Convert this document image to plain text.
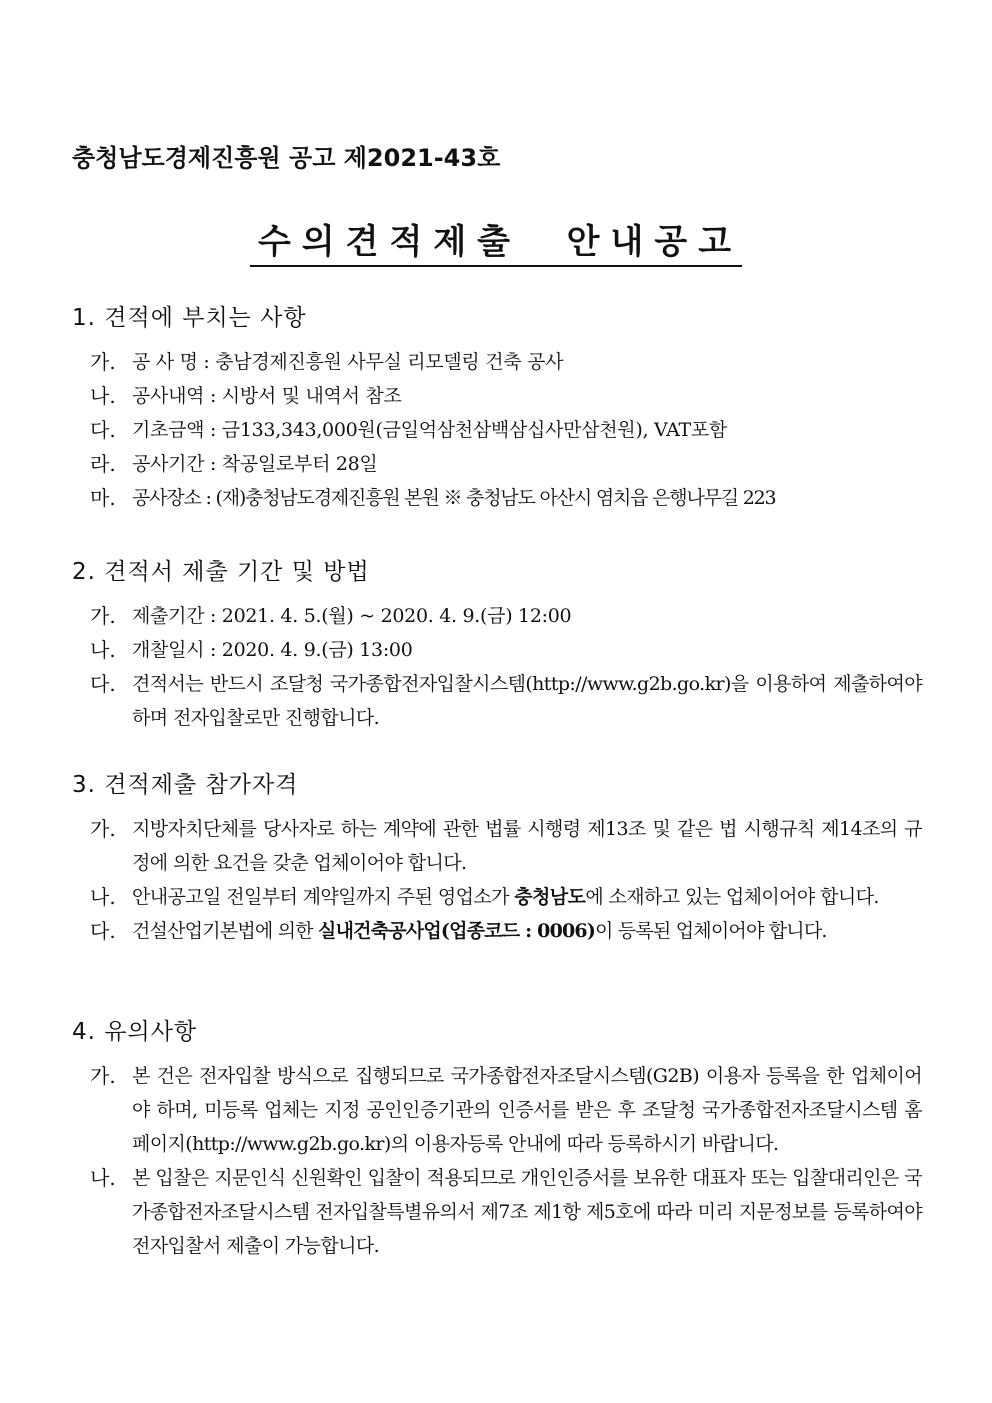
충청남도경제진흥원 공고 제2021-43호
수의견적제출  안내공고
1. 견적에 부치는 사항
가. 공 사 명 : 충남경제진흥원 사무실 리모델링 건축 공사
나. 공사내역 : 시방서 및 내역서 참조
다. 기초금액 : 금133,343,000원(금일억삼천삼백삼십사만삼천원), VAT포함
라. 공사기간 : 착공일로부터 28일
마. 공사장소 : (재)충청남도경제진흥원 본원 ※ 충청남도 아산시 염치읍 은행나무길 223
2. 견적서 제출 기간 및 방법
가. 제출기간 : 2021. 4. 5.(월) ~ 2020. 4. 9.(금) 12:00
나. 개찰일시 : 2020. 4. 9.(금) 13:00
다. 견적서는 반드시 조달청 국가종합전자입찰시스템(http://www.g2b.go.kr)을 이용하여 제출하여야 하며 전자입찰로만 진행합니다.
3. 견적제출 참가자격
가. 지방자치단체를 당사자로 하는 계약에 관한 법률 시행령 제13조 및 같은 법 시행규칙 제14조의 규정에 의한 요건을 갖춘 업체이어야 합니다.
나. 안내공고일 전일부터 계약일까지 주된 영업소가 충청남도에 소재하고 있는 업체이어야 합니다.
다. 건설산업기본법에 의한 실내건축공사업(업종코드 : 0006)이 등록된 업체이어야 합니다.
4. 유의사항
가. 본 건은 전자입찰 방식으로 집행되므로 국가종합전자조달시스템(G2B) 이용자 등록을 한 업체이어야 하며, 미등록 업체는 지정 공인인증기관의 인증서를 받은 후 조달청 국가종합전자조달시스템 홈페이지(http://www.g2b.go.kr)의 이용자등록 안내에 따라 등록하시기 바랍니다.
나. 본 입찰은 지문인식 신원확인 입찰이 적용되므로 개인인증서를 보유한 대표자 또는 입찰대리인은 국가종합전자조달시스템 전자입찰특별유의서 제7조 제1항 제5호에 따라 미리 지문정보를 등록하여야 전자입찰서 제출이 가능합니다.
